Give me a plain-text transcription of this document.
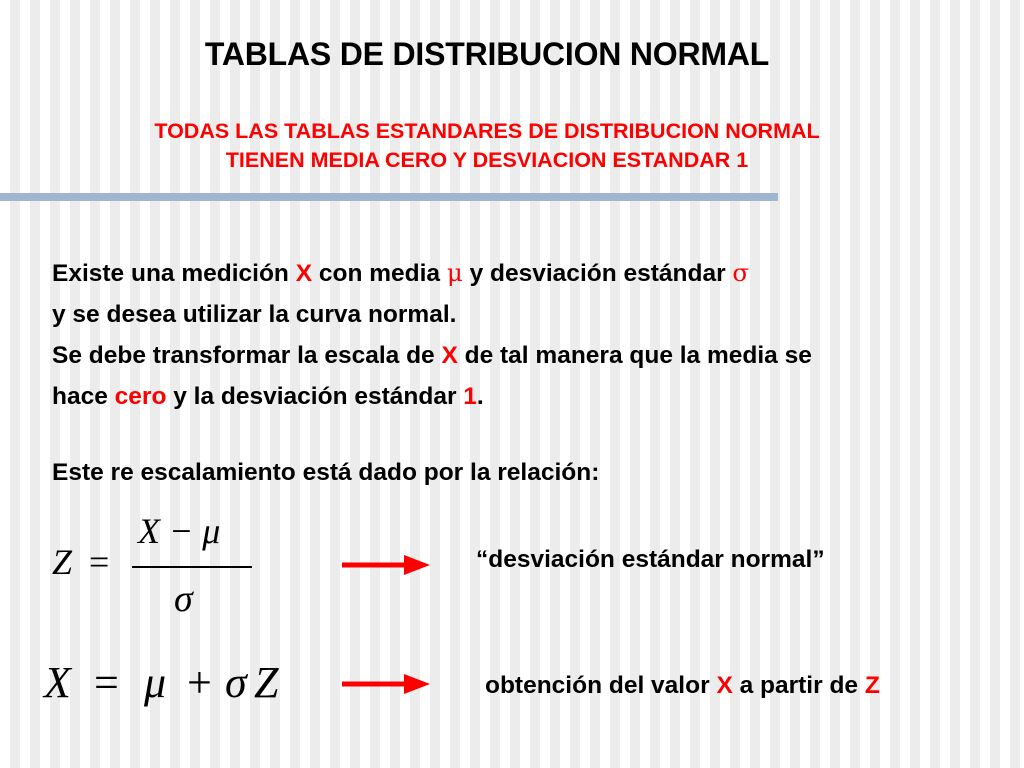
TABLAS DE DISTRIBUCION NORMAL
TODAS LAS TABLAS ESTANDARES DE DISTRIBUCION NORMAL
TIENEN MEDIA CERO Y DESVIACION ESTANDAR 1

Existe una medición X con media μ y desviación estándar σ

y se desea utilizar la curva normal.

Se debe transformar la escala de X de tal manera que la media se

hace cero y la desviación estándar 1.

Este re escalamiento está dado por la relación:
Z =
X − μ
σ
“desviación estándar normal”
X = μ + σ Z	obtención del valor X a partir de Z
